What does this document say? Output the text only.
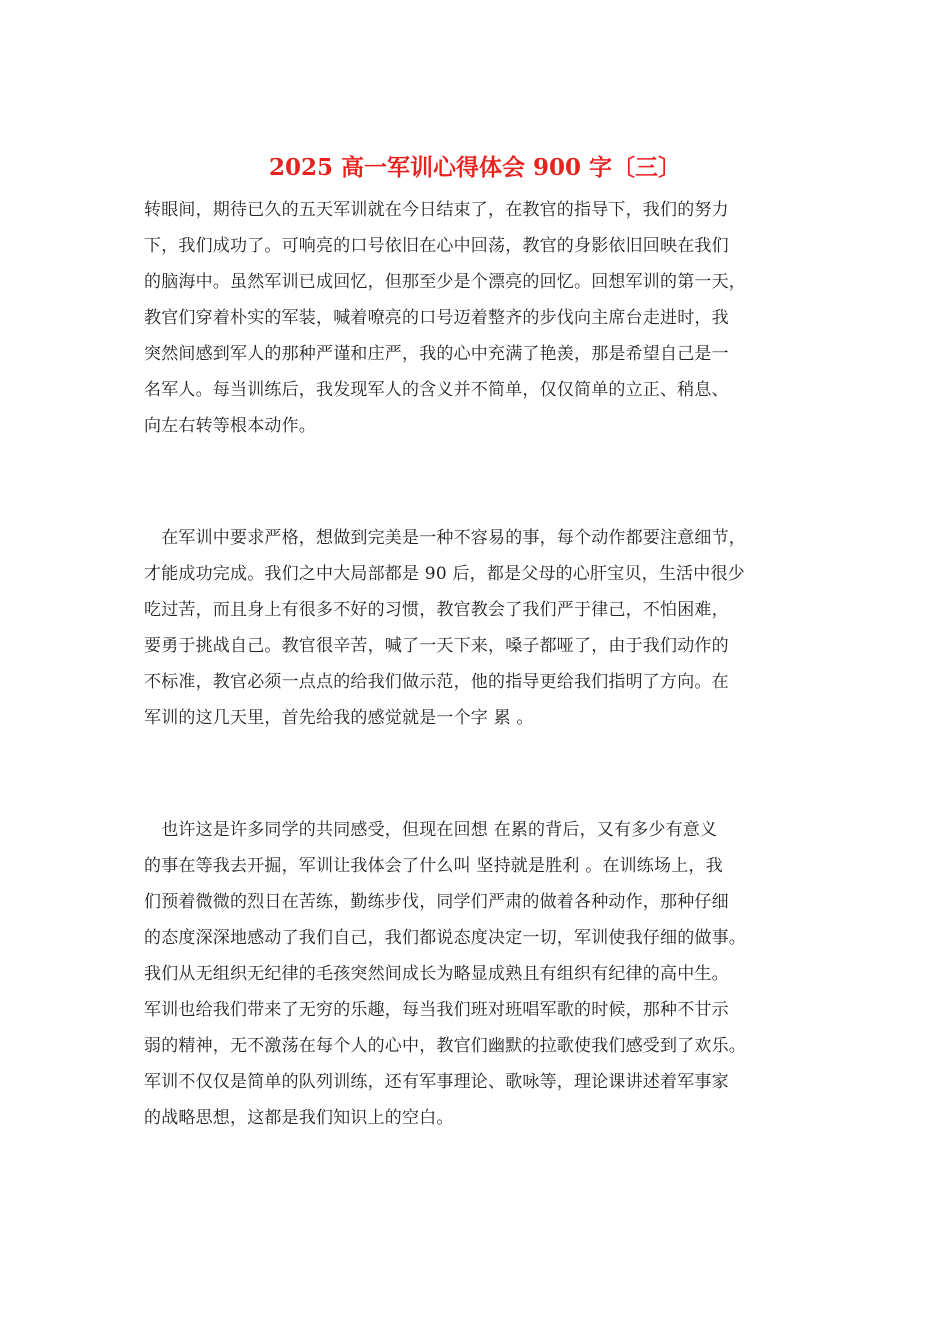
2025 高一军训心得体会 900 字〔三〕
转眼间，期待已久的五天军训就在今日结束了，在教官的指导下，我们的努力
下，我们成功了。可响亮的口号依旧在心中回荡，教官的身影依旧回映在我们
的脑海中。虽然军训已成回忆，但那至少是个漂亮的回忆。回想军训的第一天，
教官们穿着朴实的军装，喊着嘹亮的口号迈着整齐的步伐向主席台走进时，我
突然间感到军人的那种严谨和庄严，我的心中充满了艳羡，那是希望自己是一
名军人。每当训练后，我发现军人的含义并不简单，仅仅简单的立正、稍息、
向左右转等根本动作。
　在军训中要求严格，想做到完美是一种不容易的事，每个动作都要注意细节，
才能成功完成。我们之中大局部都是 90 后，都是父母的心肝宝贝，生活中很少
吃过苦，而且身上有很多不好的习惯，教官教会了我们严于律己，不怕困难，
要勇于挑战自己。教官很辛苦，喊了一天下来，嗓子都哑了，由于我们动作的
不标准，教官必须一点点的给我们做示范，他的指导更给我们指明了方向。在
军训的这几天里，首先给我的感觉就是一个字 累 。
　也许这是许多同学的共同感受，但现在回想 在累的背后，又有多少有意义
的事在等我去开掘，军训让我体会了什么叫 坚持就是胜利 。在训练场上，我
们预着微微的烈日在苦练，勤练步伐，同学们严肃的做着各种动作，那种仔细
的态度深深地感动了我们自己，我们都说态度决定一切，军训使我仔细的做事。
我们从无组织无纪律的毛孩突然间成长为略显成熟且有组织有纪律的高中生。
军训也给我们带来了无穷的乐趣，每当我们班对班唱军歌的时候，那种不甘示
弱的精神，无不激荡在每个人的心中，教官们幽默的拉歌使我们感受到了欢乐。
军训不仅仅是简单的队列训练，还有军事理论、歌咏等，理论课讲述着军事家
的战略思想，这都是我们知识上的空白。
